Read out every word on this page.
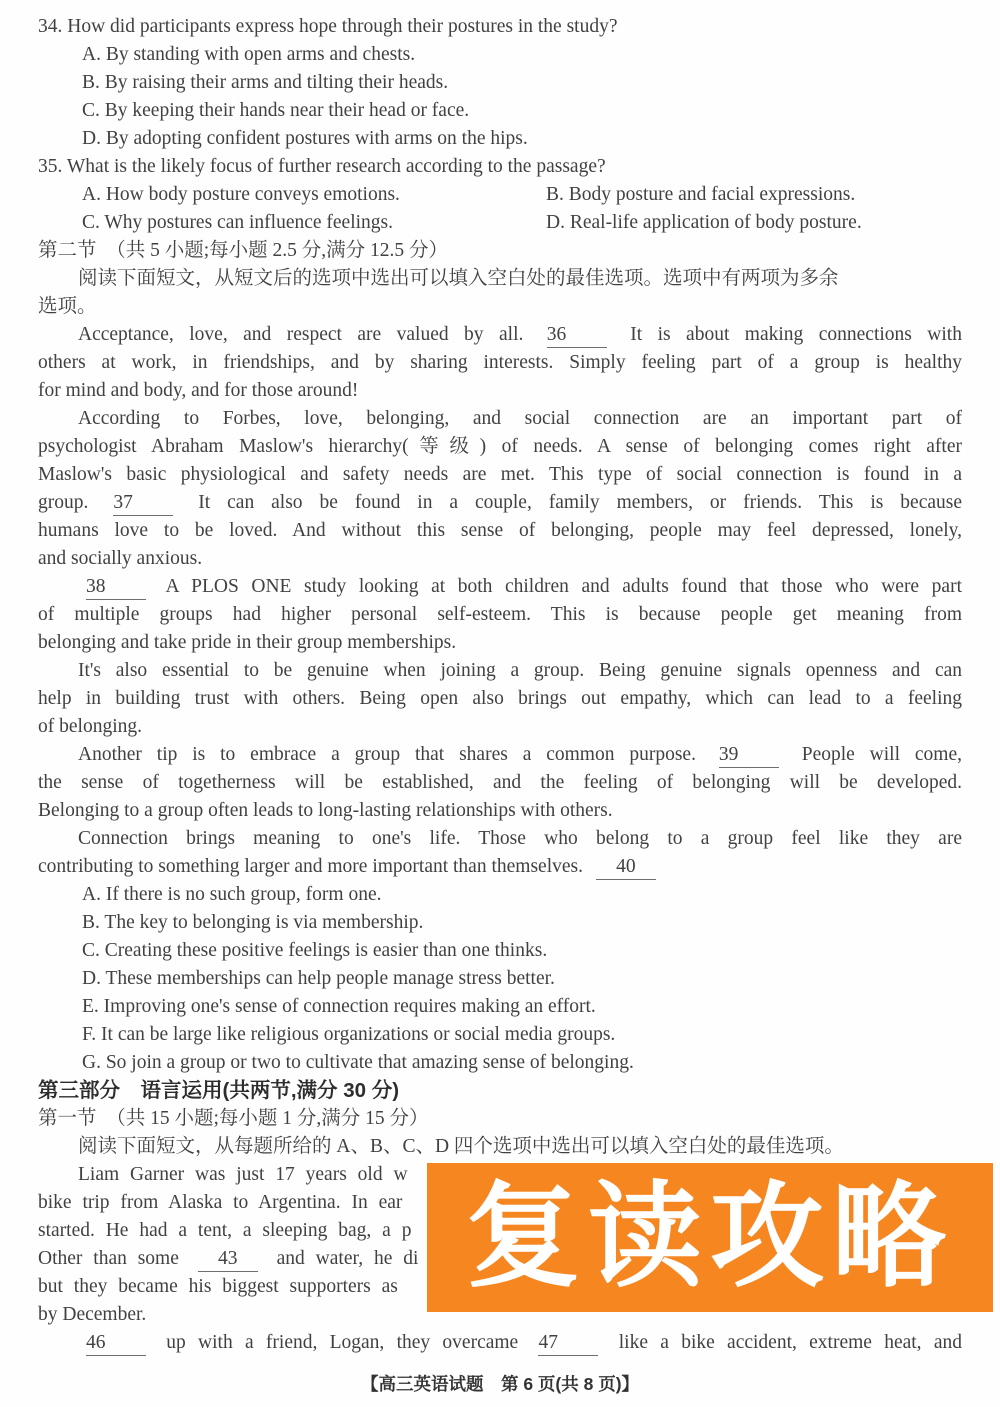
34. How did participants express hope through their postures in the study?
A. By standing with open arms and chests.
B. By raising their arms and tilting their heads.
C. By keeping their hands near their head or face.
D. By adopting confident postures with arms on the hips.
35. What is the likely focus of further research according to the passage?
A. How body posture conveys emotions.	B. Body posture and facial expressions.
C. Why postures can influence feelings.	D. Real-life application of body posture.
第二节　（共 5 小题;每小题 2.5 分,满分 12.5 分）
阅读下面短文，从短文后的选项中选出可以填入空白处的最佳选项。选项中有两项为多余
选项。
Acceptance, love, and respect are valued by all. 36 It is about making connections with
others at work, in friendships, and by sharing interests. Simply feeling part of a group is healthy
for mind and body, and for those around!
According to Forbes, love, belonging, and social connection are an important part of
psychologist Abraham Maslow's hierarchy(等级) of needs. A sense of belonging comes right after
Maslow's basic physiological and safety needs are met. This type of social connection is found in a
group. 37 It can also be found in a couple, family members, or friends. This is because
humans love to be loved. And without this sense of belonging, people may feel depressed, lonely,
and socially anxious.
38 A PLOS ONE study looking at both children and adults found that those who were part
of multiple groups had higher personal self-esteem. This is because people get meaning from
belonging and take pride in their group memberships.
It's also essential to be genuine when joining a group. Being genuine signals openness and can
help in building trust with others. Being open also brings out empathy, which can lead to a feeling
of belonging.
Another tip is to embrace a group that shares a common purpose. 39 People will come,
the sense of togetherness will be established, and the feeling of belonging will be developed.
Belonging to a group often leads to long-lasting relationships with others.
Connection brings meaning to one's life. Those who belong to a group feel like they are
contributing to something larger and more important than themselves. 40
A. If there is no such group, form one.
B. The key to belonging is via membership.
C. Creating these positive feelings is easier than one thinks.
D. These memberships can help people manage stress better.
E. Improving one's sense of connection requires making an effort.
F. It can be large like religious organizations or social media groups.
G. So join a group or two to cultivate that amazing sense of belonging.
第三部分　语言运用(共两节,满分 30 分)
第一节　（共 15 小题;每小题 1 分,满分 15 分）
阅读下面短文，从每题所给的 A、B、C、D 四个选项中选出可以填入空白处的最佳选项。
Liam Garner was just 17 years old w
bike trip from Alaska to Argentina. In ear
started. He had a tent, a sleeping bag, a p
Other than some 43 and water, he di
but they became his biggest supporters as
by December.
46 up with a friend, Logan, they overcame 47 like a bike accident, extreme heat, and
复读攻略
【高三英语试题　第 6 页(共 8 页)】
